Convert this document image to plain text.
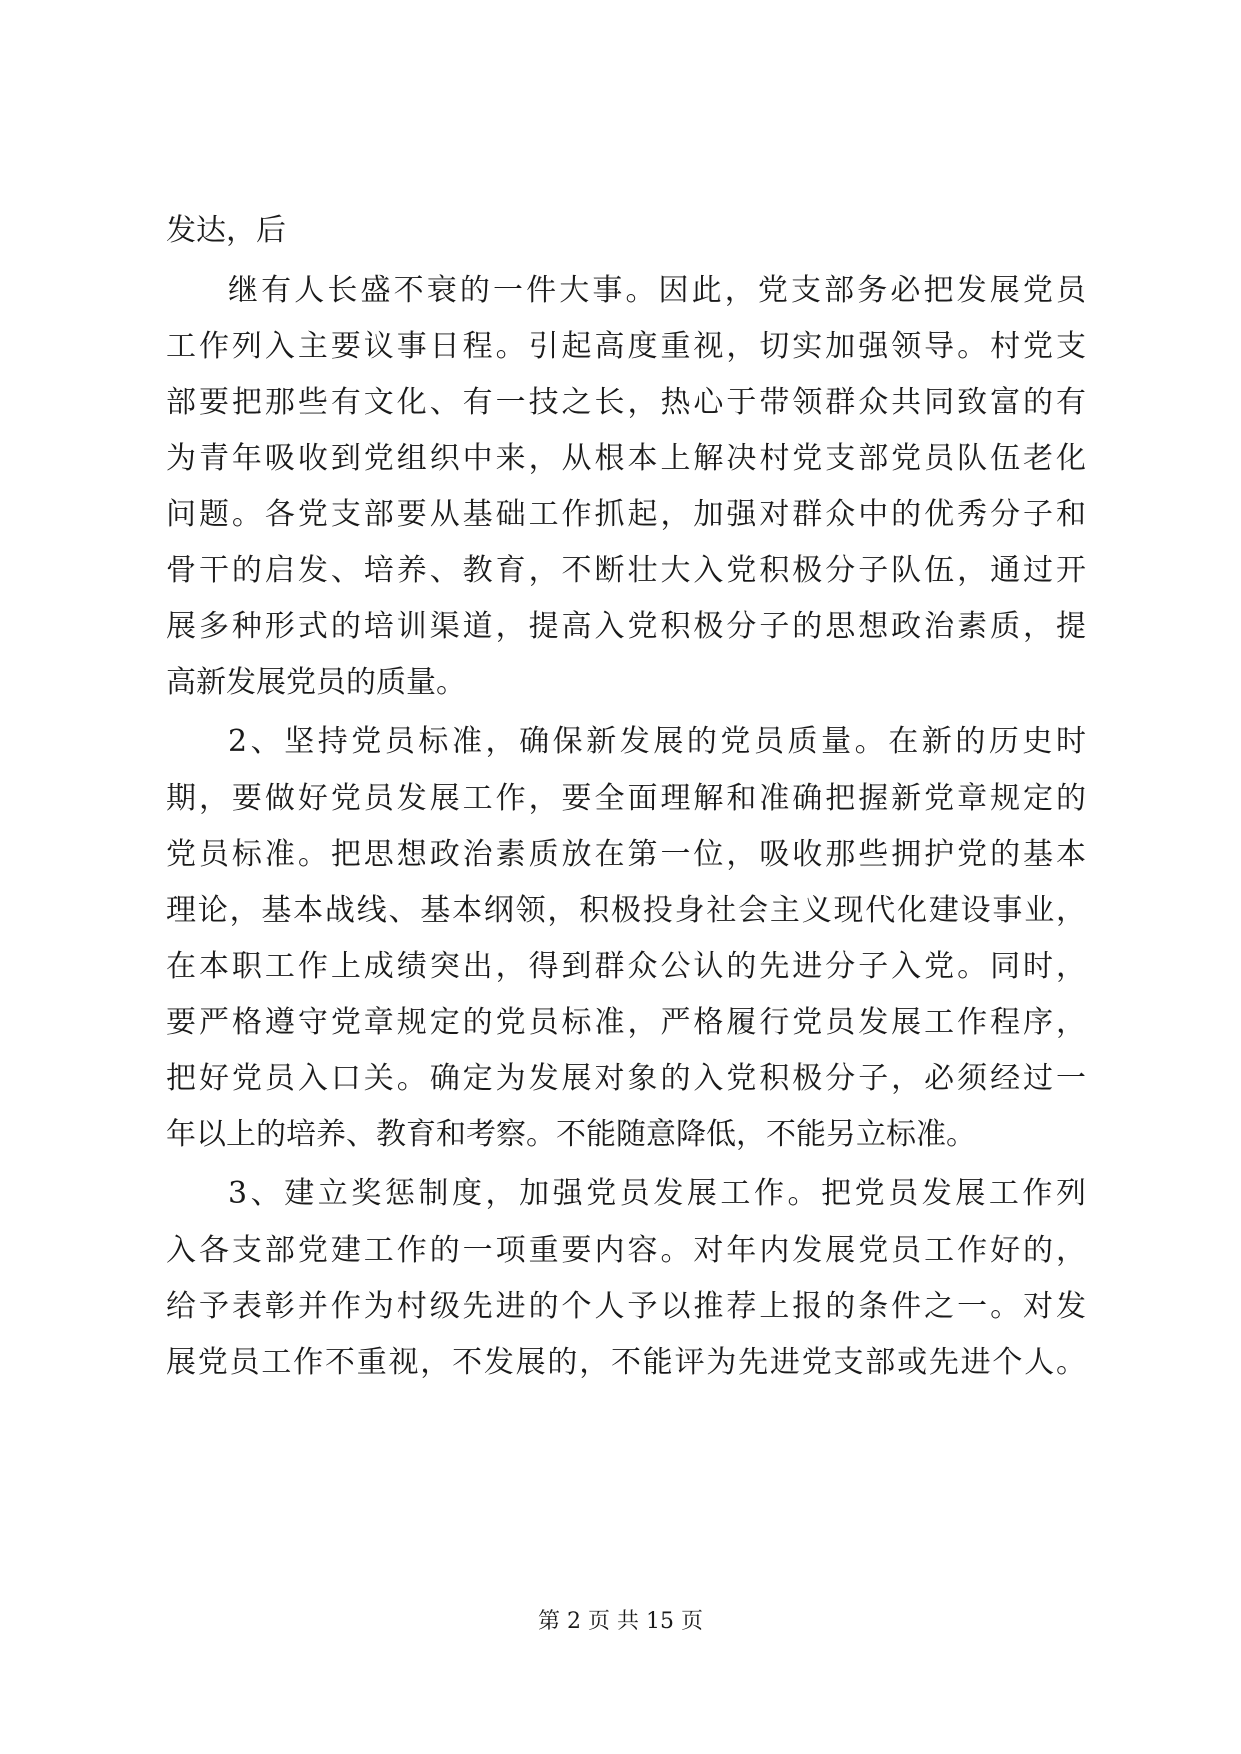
发达，后
继有人长盛不衰的一件大事。因此，党支部务必把发展党员
工作列入主要议事日程。引起高度重视，切实加强领导。村党支
部要把那些有文化、有一技之长，热心于带领群众共同致富的有
为青年吸收到党组织中来，从根本上解决村党支部党员队伍老化
问题。各党支部要从基础工作抓起，加强对群众中的优秀分子和
骨干的启发、培养、教育，不断壮大入党积极分子队伍，通过开
展多种形式的培训渠道，提高入党积极分子的思想政治素质，提
高新发展党员的质量。
2、坚持党员标准，确保新发展的党员质量。在新的历史时
期，要做好党员发展工作，要全面理解和准确把握新党章规定的
党员标准。把思想政治素质放在第一位，吸收那些拥护党的基本
理论，基本战线、基本纲领，积极投身社会主义现代化建设事业，
在本职工作上成绩突出，得到群众公认的先进分子入党。同时，
要严格遵守党章规定的党员标准，严格履行党员发展工作程序，
把好党员入口关。确定为发展对象的入党积极分子，必须经过一
年以上的培养、教育和考察。不能随意降低，不能另立标准。
3、建立奖惩制度，加强党员发展工作。把党员发展工作列
入各支部党建工作的一项重要内容。对年内发展党员工作好的，
给予表彰并作为村级先进的个人予以推荐上报的条件之一。对发
展党员工作不重视，不发展的，不能评为先进党支部或先进个人。
第 2 页 共 15 页
